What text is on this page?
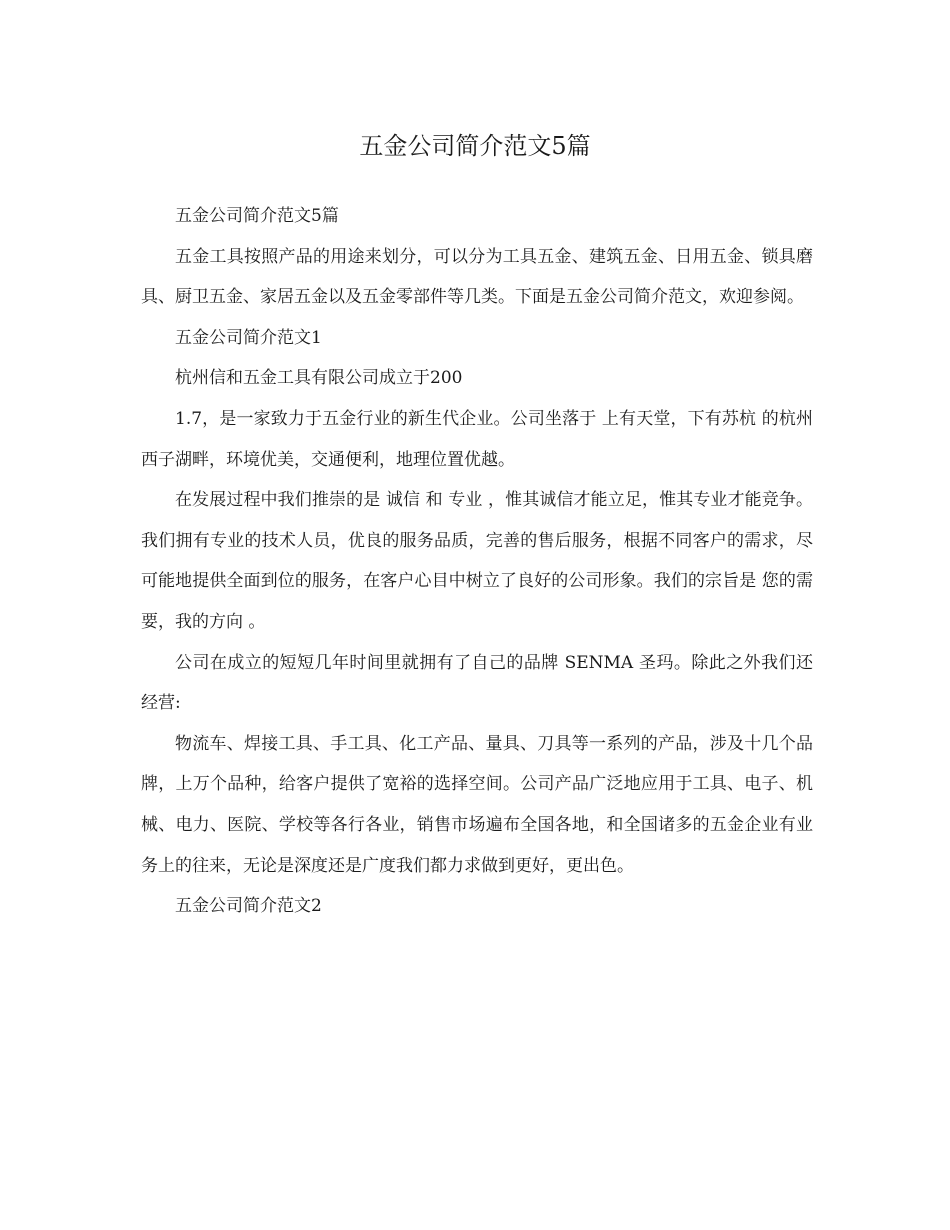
五金公司简介范文5篇

五金公司简介范文5篇

五金工具按照产品的用途来划分，可以分为工具五金、建筑五金、日用五金、锁具磨具、厨卫五金、家居五金以及五金零部件等几类。下面是五金公司简介范文，欢迎参阅。

五金公司简介范文1

杭州信和五金工具有限公司成立于200

1.7，是一家致力于五金行业的新生代企业。公司坐落于 上有天堂，下有苏杭 的杭州西子湖畔，环境优美，交通便利，地理位置优越。

在发展过程中我们推崇的是 诚信 和 专业 ，惟其诚信才能立足，惟其专业才能竞争。我们拥有专业的技术人员，优良的服务品质，完善的售后服务，根据不同客户的需求，尽可能地提供全面到位的服务，在客户心目中树立了良好的公司形象。我们的宗旨是 您的需要，我的方向 。

公司在成立的短短几年时间里就拥有了自己的品牌 SENMA 圣玛。除此之外我们还经营:

物流车、焊接工具、手工具、化工产品、量具、刀具等一系列的产品，涉及十几个品牌，上万个品种，给客户提供了宽裕的选择空间。公司产品广泛地应用于工具、电子、机械、电力、医院、学校等各行各业，销售市场遍布全国各地，和全国诸多的五金企业有业务上的往来，无论是深度还是广度我们都力求做到更好，更出色。

五金公司简介范文2
